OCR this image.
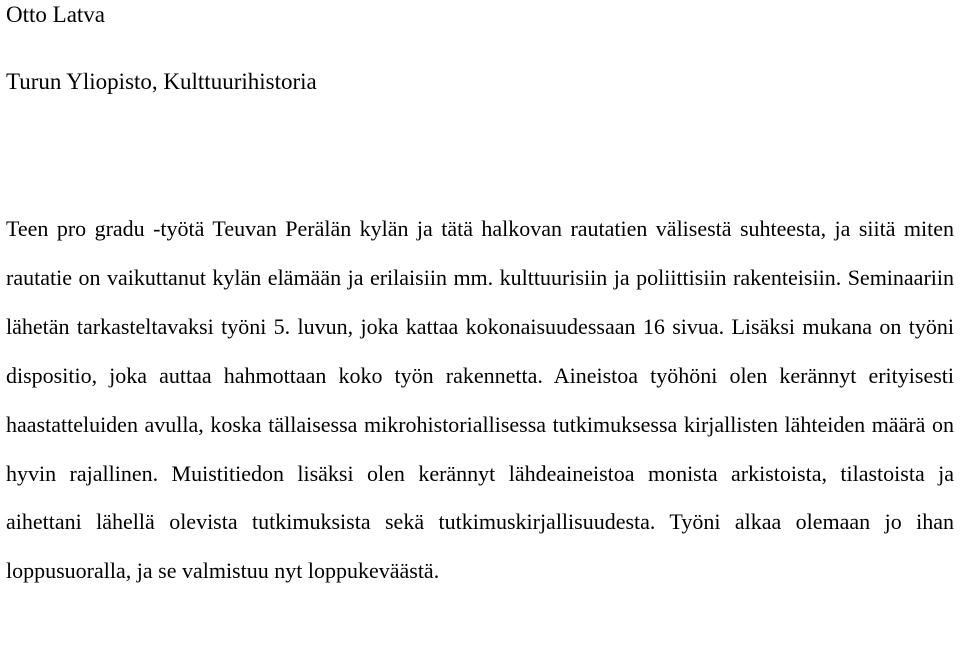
Otto Latva
Turun Yliopisto, Kulttuurihistoria

Teen pro gradu -työtä Teuvan Perälän kylän ja tätä halkovan rautatien välisestä suhteesta, ja siitä miten rautatie on vaikuttanut kylän elämään ja erilaisiin mm. kulttuurisiin ja poliittisiin rakenteisiin. Seminaariin lähetän tarkasteltavaksi työni 5. luvun, joka kattaa kokonaisuudessaan 16 sivua. Lisäksi mukana on työni dispositio, joka auttaa hahmottaan koko työn rakennetta. Aineistoa työhöni olen kerännyt erityisesti haastatteluiden avulla, koska tällaisessa mikrohistoriallisessa tutkimuksessa kirjallisten lähteiden määrä on hyvin rajallinen. Muistitiedon lisäksi olen kerännyt lähdeaineistoa monista arkistoista, tilastoista ja aihettani lähellä olevista tutkimuksista sekä tutkimuskirjallisuudesta. Työni alkaa olemaan jo ihan loppusuoralla, ja se valmistuu nyt loppukeväästä.
